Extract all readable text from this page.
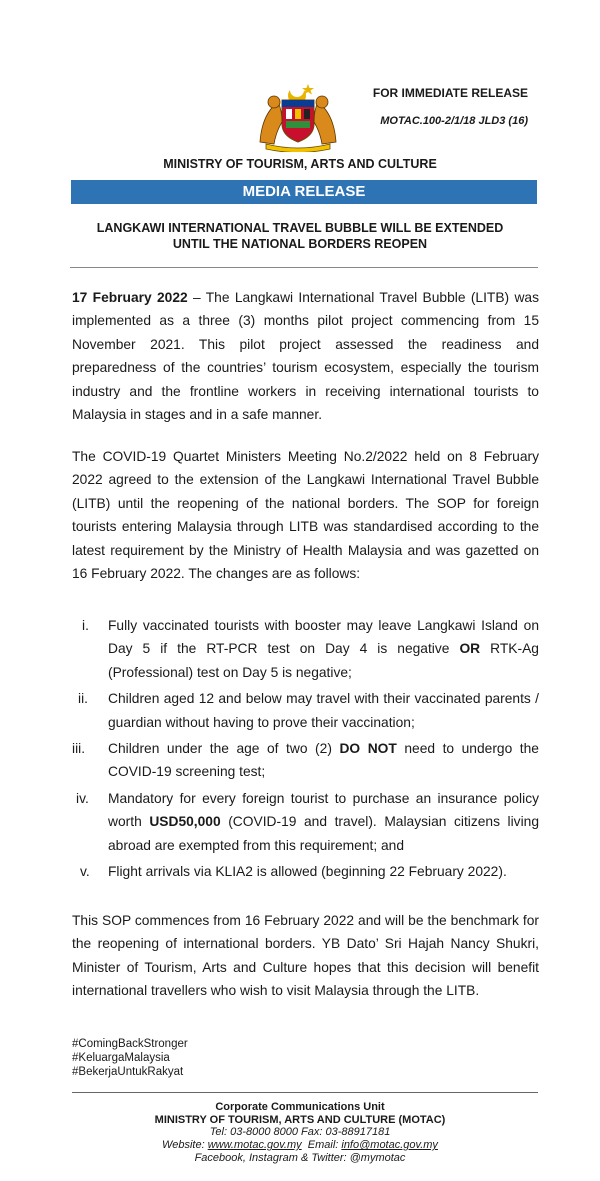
FOR IMMEDIATE RELEASE
MOTAC.100-2/1/18 JLD3 (16)
MINISTRY OF TOURISM, ARTS AND CULTURE
MEDIA RELEASE
LANGKAWI INTERNATIONAL TRAVEL BUBBLE WILL BE EXTENDED
UNTIL THE NATIONAL BORDERS REOPEN
17 February 2022 – The Langkawi International Travel Bubble (LITB) was implemented as a three (3) months pilot project commencing from 15 November 2021. This pilot project assessed the readiness and preparedness of the countries’ tourism ecosystem, especially the tourism industry and the frontline workers in receiving international tourists to Malaysia in stages and in a safe manner.
The COVID-19 Quartet Ministers Meeting No.2/2022 held on 8 February 2022 agreed to the extension of the Langkawi International Travel Bubble (LITB) until the reopening of the national borders. The SOP for foreign tourists entering Malaysia through LITB was standardised according to the latest requirement by the Ministry of Health Malaysia and was gazetted on 16 February 2022. The changes are as follows:
i. Fully vaccinated tourists with booster may leave Langkawi Island on Day 5 if the RT-PCR test on Day 4 is negative OR RTK-Ag (Professional) test on Day 5 is negative;
ii. Children aged 12 and below may travel with their vaccinated parents / guardian without having to prove their vaccination;
iii. Children under the age of two (2) DO NOT need to undergo the COVID-19 screening test;
iv. Mandatory for every foreign tourist to purchase an insurance policy worth USD50,000 (COVID-19 and travel). Malaysian citizens living abroad are exempted from this requirement; and
v. Flight arrivals via KLIA2 is allowed (beginning 22 February 2022).
This SOP commences from 16 February 2022 and will be the benchmark for the reopening of international borders. YB Dato’ Sri Hajah Nancy Shukri, Minister of Tourism, Arts and Culture hopes that this decision will benefit international travellers who wish to visit Malaysia through the LITB.
#ComingBackStronger
#KeluargaMalaysia
#BekerjaUntukRakyat
Corporate Communications Unit
MINISTRY OF TOURISM, ARTS AND CULTURE (MOTAC)
Tel: 03-8000 8000 Fax: 03-88917181
Website: www.motac.gov.my  Email: info@motac.gov.my
Facebook, Instagram & Twitter: @mymotac
